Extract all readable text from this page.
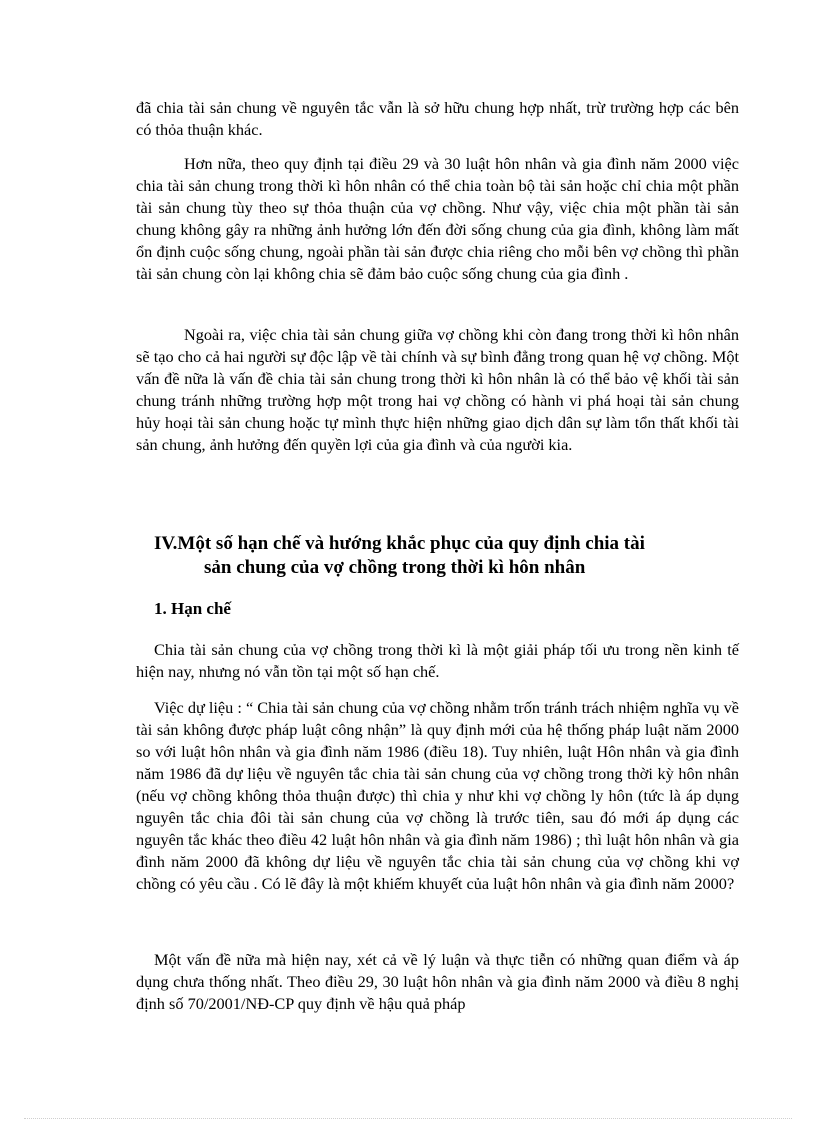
đã chia tài sản chung về nguyên tắc vẫn là sở hữu chung hợp nhất, trừ trường hợp các bên có thỏa thuận khác.

Hơn nữa, theo quy định tại điều 29 và 30 luật hôn nhân và gia đình năm 2000 việc chia tài sản chung trong thời kì hôn nhân có thể chia toàn bộ tài sản hoặc chỉ chia một phần tài sản chung tùy theo sự thỏa thuận của vợ chồng. Như vậy, việc chia một phần tài sản chung không gây ra những ảnh hưởng lớn đến đời sống chung của gia đình, không làm mất ổn định cuộc sống chung, ngoài phần tài sản được chia riêng cho mỗi bên vợ chồng thì phần tài sản chung còn lại không chia sẽ đảm bảo cuộc sống chung của gia đình .

Ngoài ra, việc chia tài sản chung giữa vợ chồng khi còn đang trong thời kì hôn nhân sẽ tạo cho cả hai người sự độc lập về tài chính và sự bình đẳng trong quan hệ vợ chồng. Một vấn đề nữa là vấn đề chia tài sản chung trong thời kì hôn nhân là có thể bảo vệ khối tài sản chung tránh những trường hợp một trong hai vợ chồng có hành vi phá hoại tài sản chung hủy hoại tài sản chung hoặc tự mình thực hiện những giao dịch dân sự làm tổn thất khối tài sản chung, ảnh hưởng đến quyền lợi của gia đình và của người kia.

IV.Một số hạn chế và hướng khắc phục của quy định chia tài
sản chung của vợ chồng trong thời kì hôn nhân
1. Hạn chế

Chia tài sản chung của vợ chồng trong thời kì là một giải pháp tối ưu trong nền kinh tế hiện nay, nhưng nó vẫn tồn tại một số hạn chế.

Việc dự liệu : “ Chia tài sản chung của vợ chồng nhằm trốn tránh trách nhiệm nghĩa vụ về tài sản không được pháp luật công nhận” là quy định mới của hệ thống pháp luật năm 2000 so với luật hôn nhân và gia đình năm 1986 (điều 18). Tuy nhiên, luật Hôn nhân và gia đình năm 1986 đã dự liệu về nguyên tắc chia tài sản chung của vợ chồng trong thời kỳ hôn nhân (nếu vợ chồng không thỏa thuận được) thì chia y như khi vợ chồng ly hôn (tức là áp dụng nguyên tắc chia đôi tài sản chung của vợ chồng là trước tiên, sau đó mới áp dụng các nguyên tắc khác theo điều 42 luật hôn nhân và gia đình năm 1986) ; thì luật hôn nhân và gia đình năm 2000 đã không dự liệu về nguyên tắc chia tài sản chung của vợ chồng khi vợ chồng có yêu cầu . Có lẽ đây là một khiếm khuyết của luật hôn nhân và gia đình năm 2000?

Một vấn đề nữa mà hiện nay, xét cả về lý luận và thực tiễn có những quan điểm và áp dụng chưa thống nhất. Theo điều 29, 30 luật hôn nhân và gia đình năm 2000 và điều 8 nghị định số 70/2001/NĐ-CP quy định về hậu quả pháp
